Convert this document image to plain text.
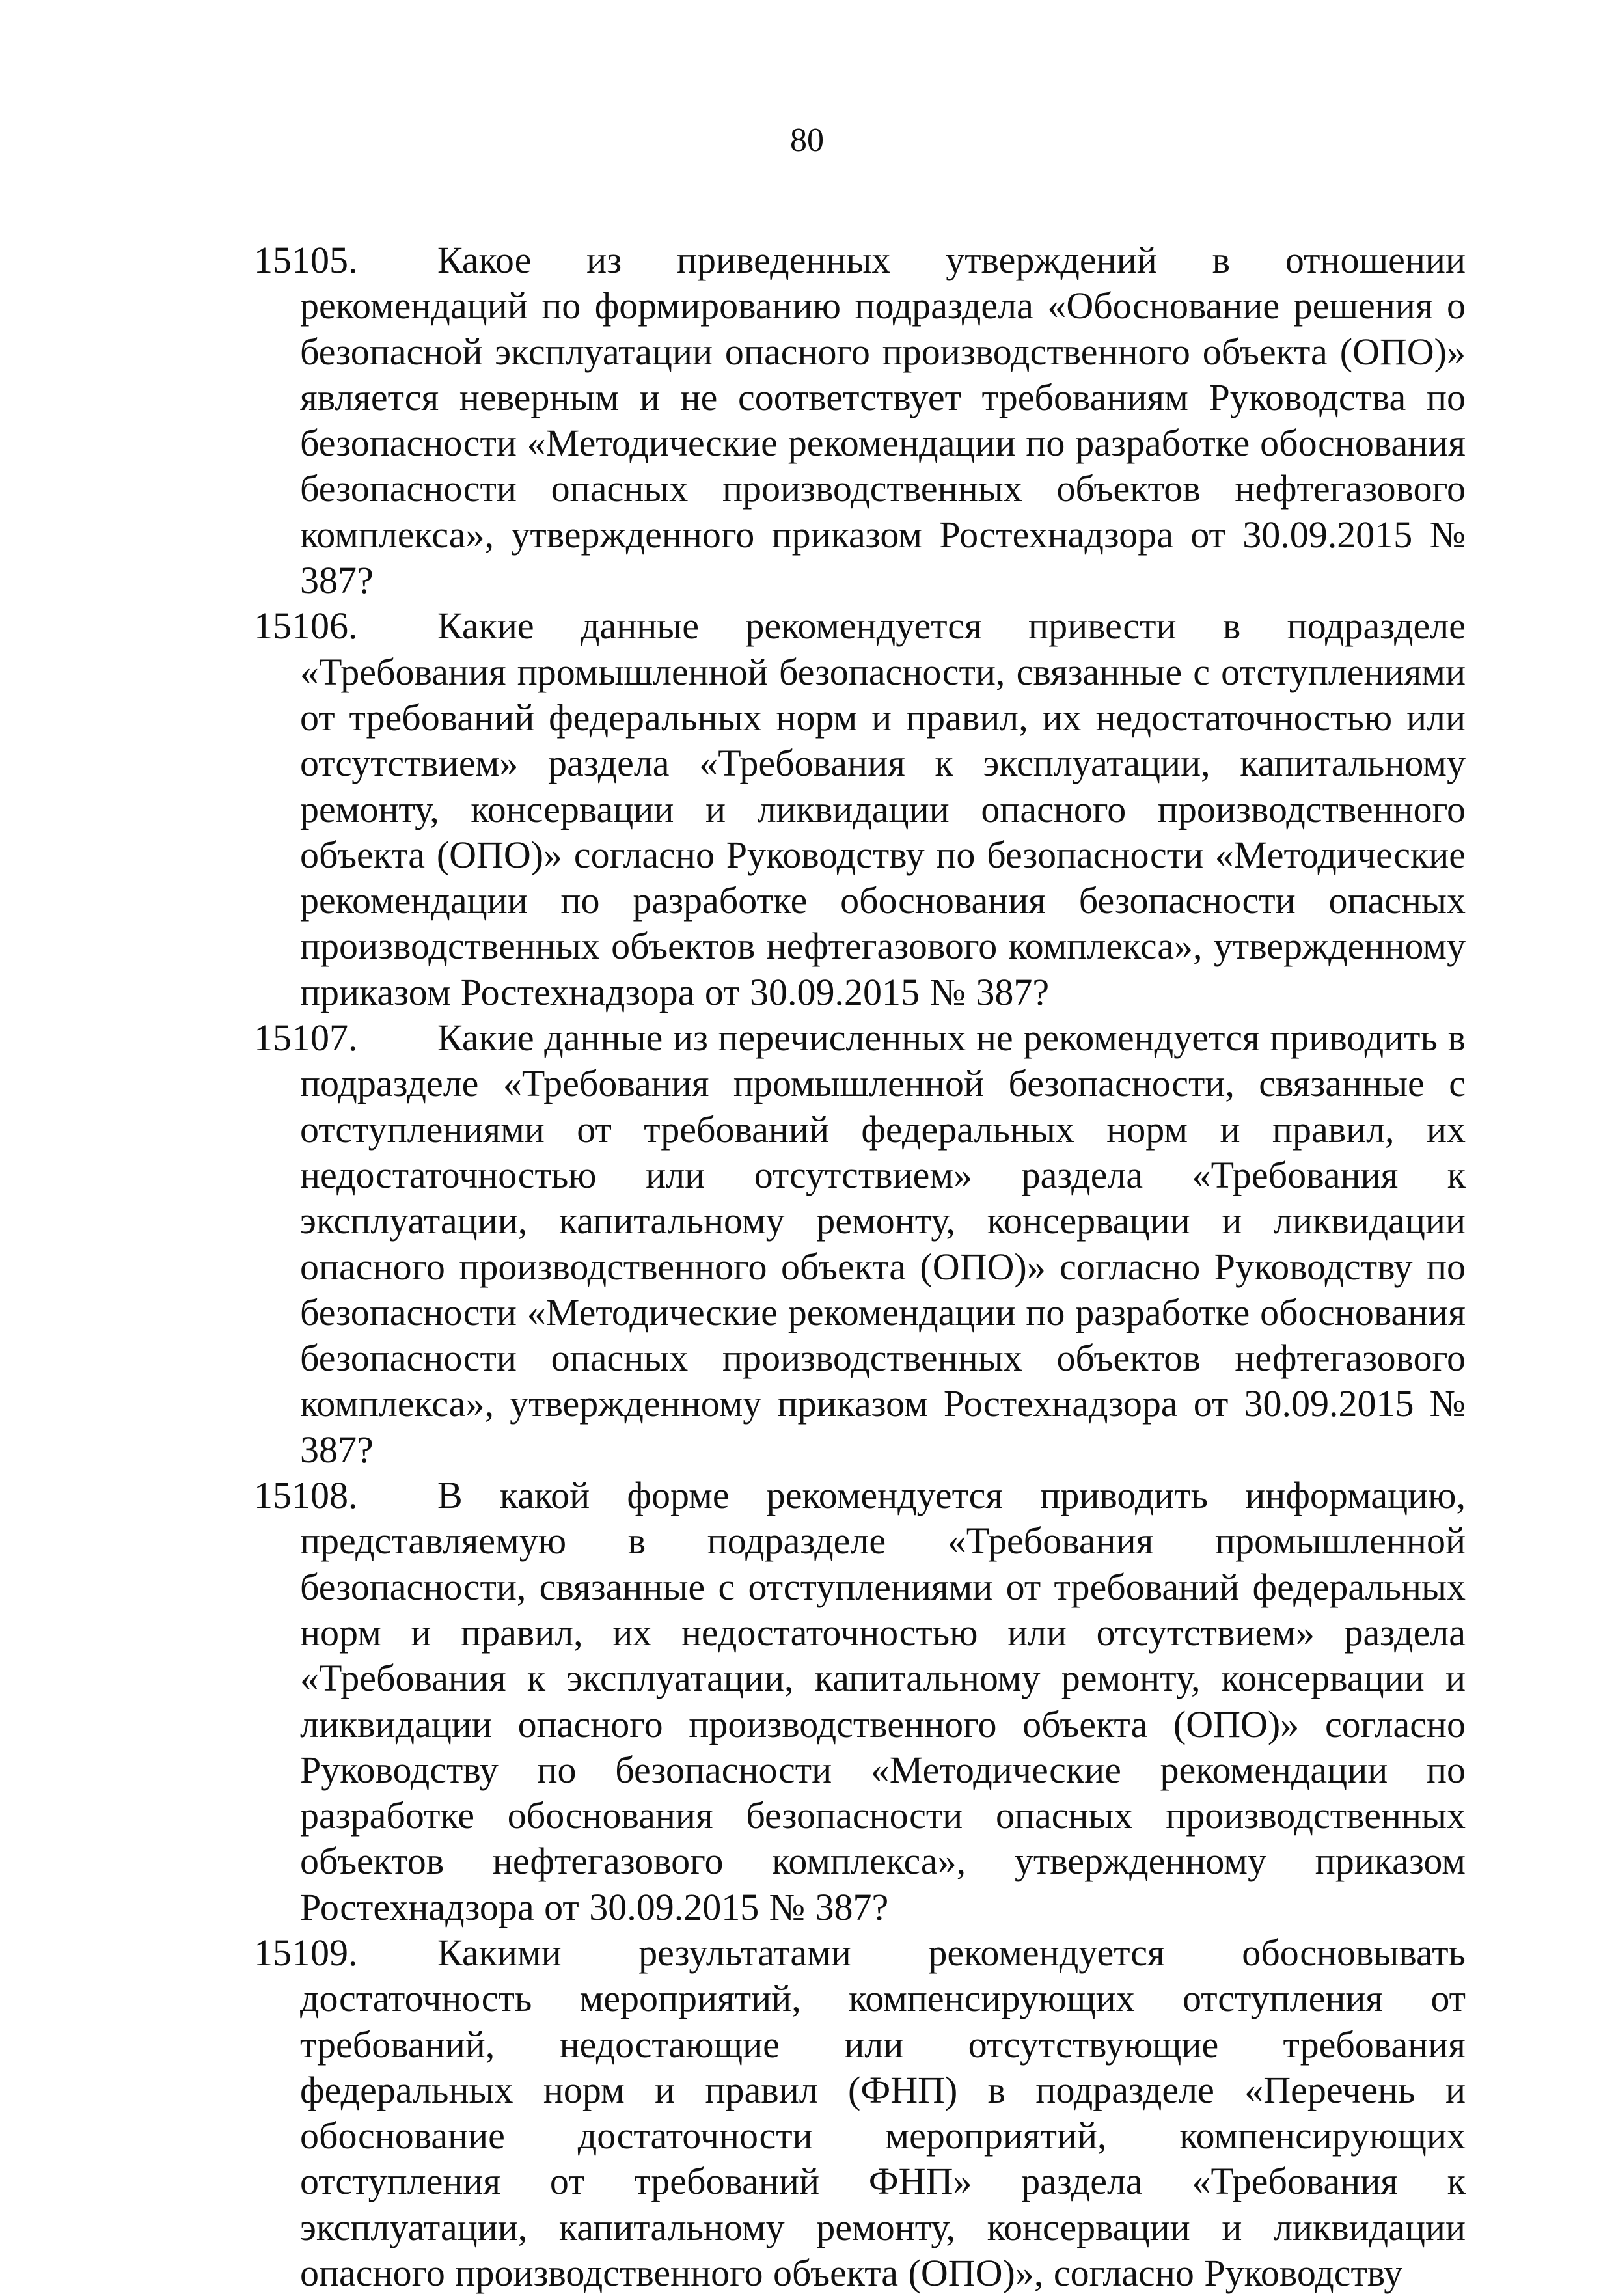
80
15105.	Какое из приведенных утверждений в отношении рекомендаций по формированию подраздела «Обоснование решения о безопасной эксплуатации опасного производственного объекта (ОПО)» является неверным и не соответствует требованиям Руководства по безопасности «Методические рекомендации по разработке обоснования безопасности опасных производственных объектов нефтегазового комплекса», утвержденного приказом Ростехнадзора от 30.09.2015 № 387?
15106.	Какие данные рекомендуется привести в подразделе «Требования промышленной безопасности, связанные с отступлениями от требований федеральных норм и правил, их недостаточностью или отсутствием» раздела «Требования к эксплуатации, капитальному ремонту, консервации и ликвидации опасного производственного объекта (ОПО)» согласно Руководству по безопасности «Методические рекомендации по разработке обоснования безопасности опасных производственных объектов нефтегазового комплекса», утвержденному приказом Ростехнадзора от 30.09.2015 № 387?
15107.	Какие данные из перечисленных не рекомендуется приводить в подразделе «Требования промышленной безопасности, связанные с отступлениями от требований федеральных норм и правил, их недостаточностью или отсутствием» раздела «Требования к эксплуатации, капитальному ремонту, консервации и ликвидации опасного производственного объекта (ОПО)» согласно Руководству по безопасности «Методические рекомендации по разработке обоснования безопасности опасных производственных объектов нефтегазового комплекса», утвержденному приказом Ростехнадзора от 30.09.2015 № 387?
15108.	В какой форме рекомендуется приводить информацию, представляемую в подразделе «Требования промышленной безопасности, связанные с отступлениями от требований федеральных норм и правил, их недостаточностью или отсутствием» раздела «Требования к эксплуатации, капитальному ремонту, консервации и ликвидации опасного производственного объекта (ОПО)» согласно Руководству по безопасности «Методические рекомендации по разработке обоснования безопасности опасных производственных объектов нефтегазового комплекса», утвержденному приказом Ростехнадзора от 30.09.2015 № 387?
15109.	Какими результатами рекомендуется обосновывать достаточность мероприятий, компенсирующих отступления от требований, недостающие или отсутствующие требования федеральных норм и правил (ФНП) в подразделе «Перечень и обоснование достаточности мероприятий, компенсирующих отступления от требований ФНП» раздела «Требования к эксплуатации, капитальному ремонту, консервации и ликвидации опасного производственного объекта (ОПО)», согласно Руководству
